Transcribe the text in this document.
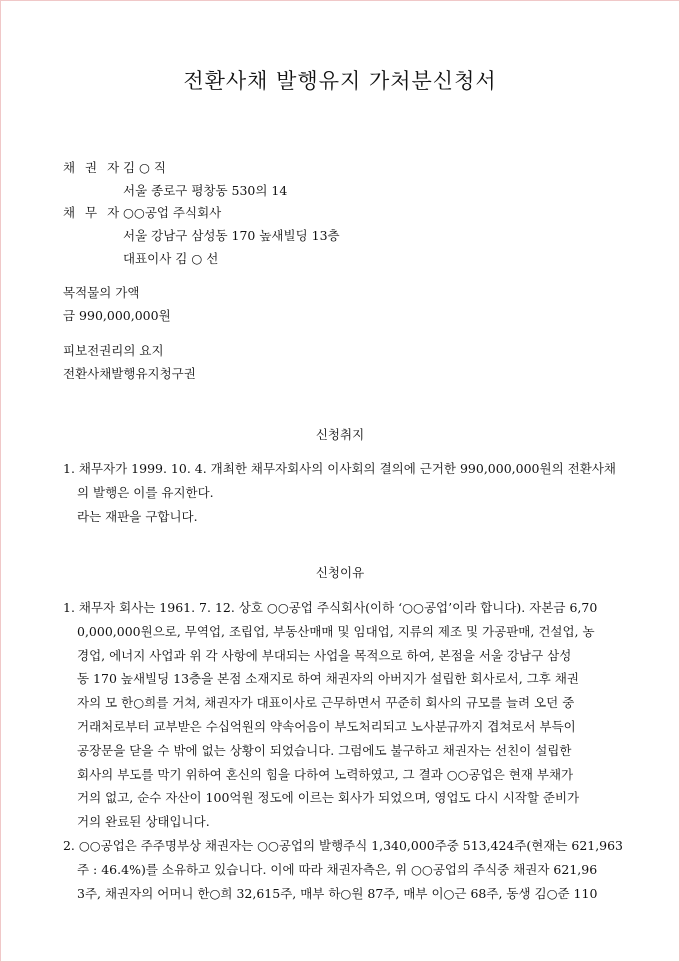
전환사채 발행유지 가처분신청서
채 권 자김 ○ 직
서울 종로구 평창동 530의 14
채 무 자○○공업 주식회사
서울 강남구 삼성동 170 높새빌딩 13층
대표이사 김 ○ 선
목적물의 가액
금 990,000,000원
피보전권리의 요지
전환사채발행유지청구권
신청취지
1. 채무자가 1999. 10. 4. 개최한 채무자회사의 이사회의 결의에 근거한 990,000,000원의 전환사채
의 발행은 이를 유지한다.
라는 재판을 구합니다.
신청이유
1. 채무자 회사는 1961. 7. 12. 상호 ○○공업 주식회사(이하 ‘○○공업’이라 합니다). 자본금 6,70
0,000,000원으로, 무역업, 조립업, 부동산매매 및 임대업, 지류의 제조 및 가공판매, 건설업, 농
경업, 에너지 사업과 위 각 사항에 부대되는 사업을 목적으로 하여, 본점을 서울 강남구 삼성
동 170 높새빌딩 13층을 본점 소재지로 하여 채권자의 아버지가 설립한 회사로서, 그후 채권
자의 모 한○희를 거쳐, 채권자가 대표이사로 근무하면서 꾸준히 회사의 규모를 늘려 오던 중
거래처로부터 교부받은 수십억원의 약속어음이 부도처리되고 노사분규까지 겹쳐로서 부득이
공장문을 닫을 수 밖에 없는 상황이 되었습니다. 그럼에도 불구하고 채권자는 선친이 설립한
회사의 부도를 막기 위하여 혼신의 힘을 다하여 노력하였고, 그 결과 ○○공업은 현재 부채가
거의 없고, 순수 자산이 100억원 정도에 이르는 회사가 되었으며, 영업도 다시 시작할 준비가
거의 완료된 상태입니다.
2. ○○공업은 주주명부상 채권자는 ○○공업의 발행주식 1,340,000주중 513,424주(현재는 621,963
주 : 46.4%)를 소유하고 있습니다. 이에 따라 채권자측은, 위 ○○공업의 주식중 채권자 621,96
3주, 채권자의 어머니 한○희 32,615주, 매부 하○원 87주, 매부 이○근 68주, 동생 김○준 110
